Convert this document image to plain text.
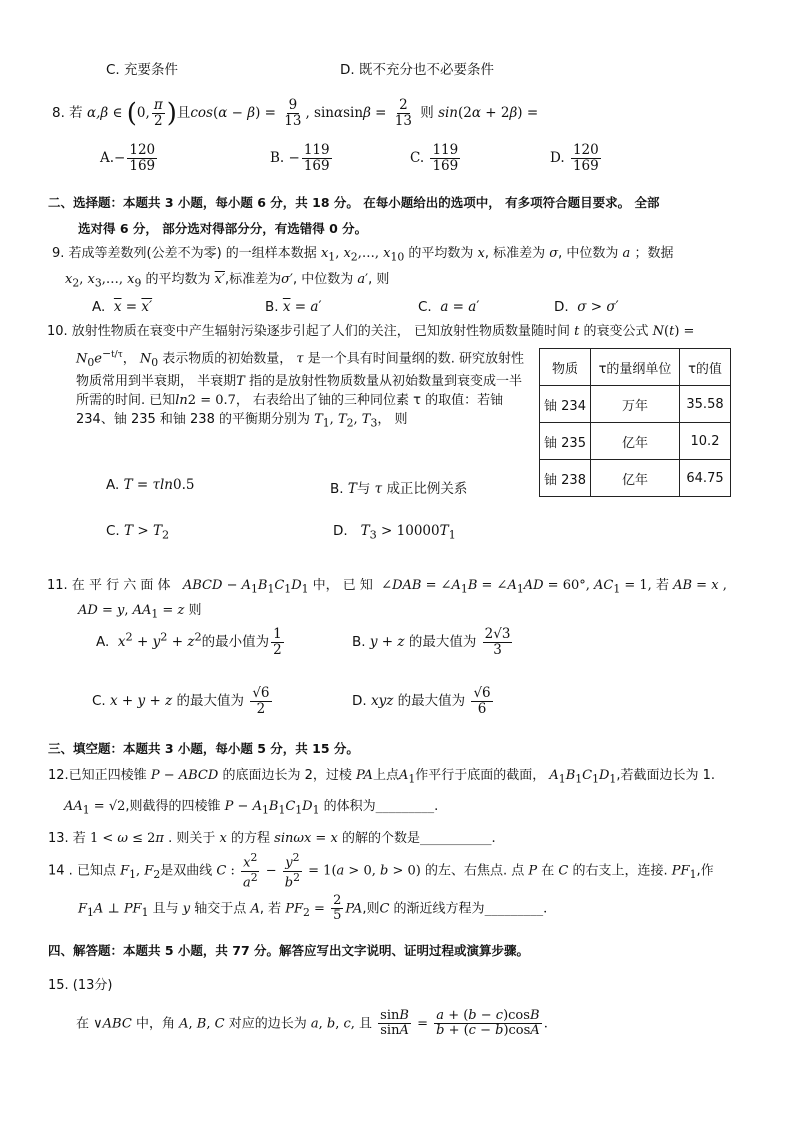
C. 充要条件	D. 既不充分也不必要条件
8. 若 α,β ∈ (0, $\frac{\pi}{2}$ )且$\cos(\alpha - \beta) = \frac{9}{13}$ , $\sin\alpha\sin\beta = \frac{2}{13}$ 则 sin(2α + 2β) =
$A.- \frac{120}{169}$	B. − $\frac{119}{169}$	C. $\frac{119}{169}$	D. $\frac{120}{169}$
二、选择题：本题共 3 小题，每小题 6 分，共 18 分。 在每小题给出的选项中， 有多项符合题目要求。 全部
选对得 6 分， 部分选对得部分分，有选错得 0 分。
9. 若成等差数列(公差不为零) 的一组样本数据 $x_1$, $x_2,\dots$, $x_{10}$ 的平均数为 x, 标准差为 σ, 中位数为 a ；数据
$x_2$, $x_3,\dots$, $x_9$ 的平均数为 x′,标准差为σ′, 中位数为 a′, 则
A. $\overline{x} = x'$	B. $\overline{x} = a'$	C. a = a′	D. σ > σ′
10. 放射性物质在衰变中产生辐射污染逐步引起了人们的关注， 已知放射性物质数量随时间 t 的衰变公式 N(t) =
$N_0e^{-t/\tau}$， $N_0$ 表示物质的初始数量， τ 是一个具有时间量纲的数. 研究放射性物质常用到半衰期， 半衰期T 指的是放射性物质数量从初始数量到衰变成一半所需的时间. 已知ln2 = 0.7， 右表给出了铀的三种同位素 τ 的取值：若铀 234、铀 235 和铀 238 的平衡期分别为 $T_1$, $T_2$, $T_3$， 则
物质	τ的量纲单位	τ的值
铀 234	万年	35.58
铀 235	亿年	10.2
铀 238	亿年	64.75
A. T = τln0.5	B. T与 τ 成正比例关系
C. $T > T_2$	D. $T_3 > 10000T_1$
11. 在 平 行 六 面 体 ABCD − $A_1B_1C_1D_1$ 中， 已 知  ∠DAB = $\angle A_1B$ = $\angle A_1AD = 60^\circ$, $AC_1 = 1$, 若 AB = x ,
AD = y, $AA_1 = z$ 则
A. $x^2 + y^2 + z^2$的最小值为 $\frac{1}{2}$	B. y + z 的最大值为 $\frac{2√3}{3}$
C. x + y + z 的最大值为 $\frac{√6}{2}$	D. xyz 的最大值为 $\frac{√6}{6}$
三、填空题：本题共 3 小题，每小题 5 分，共 15 分。
12.已知正四棱锥 P − ABCD 的底面边长为 2，过棱 PA上点$A_1$作平行于底面的截面， $A_1B_1C_1D_1$,若截面边长为 1.
$AA_1 = √2$,则截得的四棱锥 $P - A_1B_1C_1D_1$ 的体积为_________.
13. 若 1 < ω ≤ 2π . 则关于 x 的方程 sinωx = x 的解的个数是___________.
14 . 已知点 $F_1$, $F_2$是双曲线 C : $\frac{x^2}{a^2} - \frac{y^2}{b^2} = 1(a > 0$, b > 0) 的左、右焦点. 点 P 在 C 的右支上，连接. $PF_1$,作
$F_1A$ ⊥ $PF_1$ 且与 y 轴交于点 A, 若 $PF_2 = \frac{2}{5}$ PA,则C 的渐近线方程为_________.
四、解答题：本题共 5 小题，共 77 分。解答应写出文字说明、证明过程或演算步骤。
15. (13分)
在 ∨ABC 中，角 A, B, C 对应的边长为 a, b, c, 且 $\frac{\sin B}{\sin A} = \frac{a + (b - c)\cos B}{b + (c - b)\cos A}$ .
